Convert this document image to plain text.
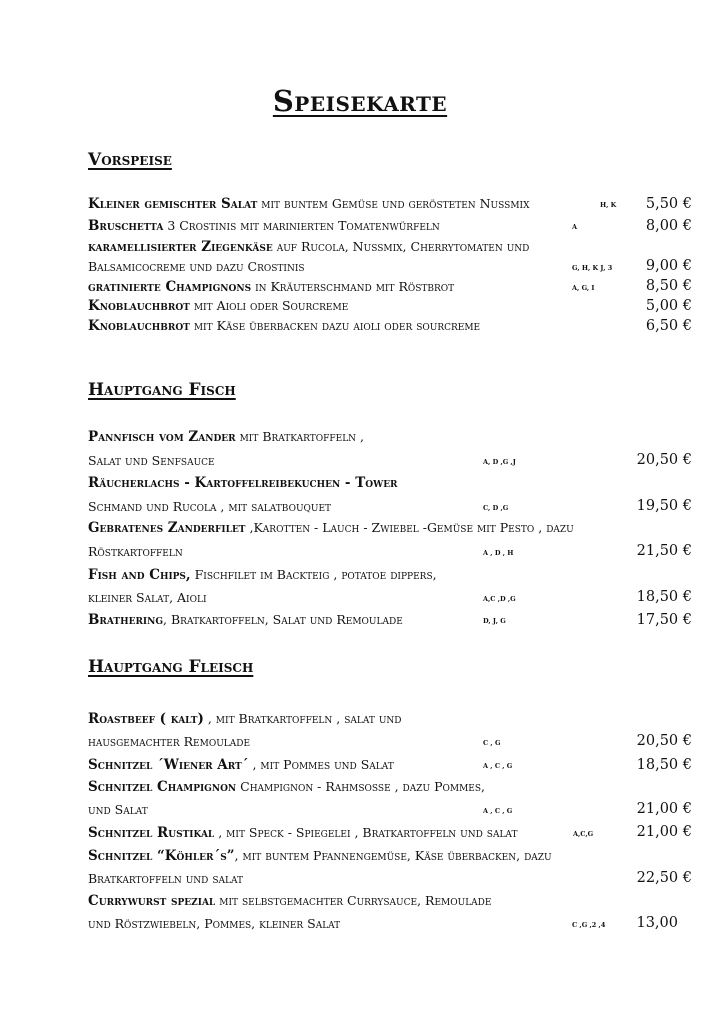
Speisekarte
Vorspeise
Kleiner gemischter Salat mit buntem Gemüse und gerösteten Nussmix	H, K 5,50 €
Bruschetta 3 Crostinis mit marinierten Tomatenwürfeln	A	8,00 €
karamellisierter Ziegenkäse auf Rucola, Nussmix, Cherrytomaten und
Balsamicocreme und dazu Crostinis	G, H, K J, 3 9,00 €
gratinierte Champignons in Kräuterschmand mit Röstbrot	A, G, I	8,50 €
Knoblauchbrot mit Aioli oder Sourcreme	5,00 €
Knoblauchbrot mit Käse überbacken dazu aioli oder sourcreme	6,50 €
Hauptgang Fisch
Pannfisch vom Zander mit Bratkartoffeln ,
Salat und Senfsauce	A, D ,G ,J	20,50 €
Räucherlachs - Kartoffelreibekuchen - Tower
Schmand und Rucola , mit salatbouquet	C, D ,G	19,50 €
Gebratenes Zanderfilet ,Karotten - Lauch - Zwiebel -Gemüse mit Pesto , dazu
Röstkartoffeln	A , D , H	21,50 €
Fish and Chips, Fischfilet im Backteig , potatoe dippers,
kleiner Salat, Aioli	A,C ,D ,G	18,50 €
Brathering, Bratkartoffeln, Salat und Remoulade	D, J, G	17,50 €
Hauptgang Fleisch
Roastbeef ( kalt) , mit Bratkartoffeln , salat und
hausgemachter Remoulade	C , G	20,50 €
Schnitzel ´Wiener Art´ , mit Pommes und Salat	A , C , G	18,50 €
Schnitzel Champignon Champignon - Rahmsosse , dazu Pommes,
und Salat	A , C , G	21,00 €
Schnitzel Rustikal , mit Speck - Spiegelei , Bratkartoffeln und salat	A,C,G	21,00 €
Schnitzel “Köhler´s”, mit buntem Pfannengemüse, Käse überbacken, dazu
Bratkartoffeln und salat	22,50 €
Currywurst spezial mit selbstgemachter Currysauce, Remoulade
und Röstzwiebeln, Pommes, kleiner Salat	C ,G ,2 ,4 13,00
